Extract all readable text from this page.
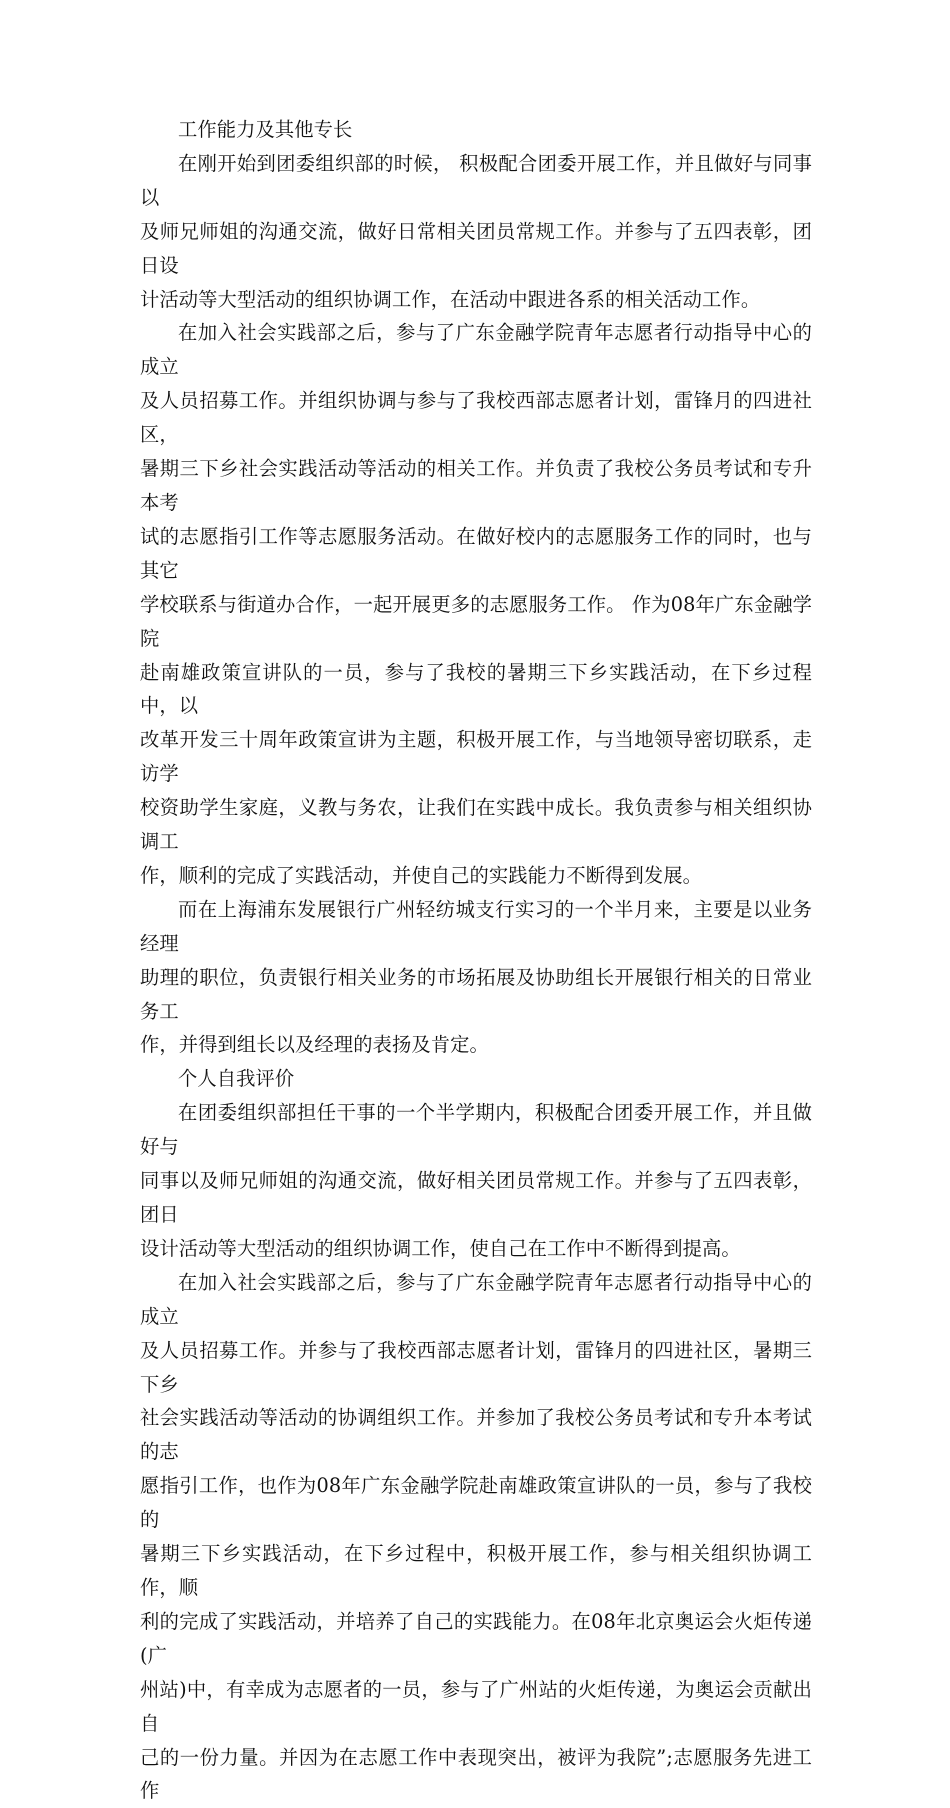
工作能力及其他专长
在刚开始到团委组织部的时候， 积极配合团委开展工作，并且做好与同事以
及师兄师姐的沟通交流，做好日常相关团员常规工作。并参与了五四表彰，团日设
计活动等大型活动的组织协调工作，在活动中跟进各系的相关活动工作。
在加入社会实践部之后，参与了广东金融学院青年志愿者行动指导中心的成立
及人员招募工作。并组织协调与参与了我校西部志愿者计划，雷锋月的四进社区，
暑期三下乡社会实践活动等活动的相关工作。并负责了我校公务员考试和专升本考
试的志愿指引工作等志愿服务活动。在做好校内的志愿服务工作的同时，也与其它
学校联系与街道办合作，一起开展更多的志愿服务工作。 作为08年广东金融学院
赴南雄政策宣讲队的一员，参与了我校的暑期三下乡实践活动，在下乡过程中，以
改革开发三十周年政策宣讲为主题，积极开展工作，与当地领导密切联系，走访学
校资助学生家庭，义教与务农，让我们在实践中成长。我负责参与相关组织协调工
作，顺利的完成了实践活动，并使自己的实践能力不断得到发展。
而在上海浦东发展银行广州轻纺城支行实习的一个半月来，主要是以业务经理
助理的职位，负责银行相关业务的市场拓展及协助组长开展银行相关的日常业务工
作，并得到组长以及经理的表扬及肯定。
个人自我评价
在团委组织部担任干事的一个半学期内，积极配合团委开展工作，并且做好与
同事以及师兄师姐的沟通交流，做好相关团员常规工作。并参与了五四表彰，团日
设计活动等大型活动的组织协调工作，使自己在工作中不断得到提高。
在加入社会实践部之后，参与了广东金融学院青年志愿者行动指导中心的成立
及人员招募工作。并参与了我校西部志愿者计划，雷锋月的四进社区，暑期三下乡
社会实践活动等活动的协调组织工作。并参加了我校公务员考试和专升本考试的志
愿指引工作，也作为08年广东金融学院赴南雄政策宣讲队的一员，参与了我校的
暑期三下乡实践活动，在下乡过程中，积极开展工作，参与相关组织协调工作，顺
利的完成了实践活动，并培养了自己的实践能力。在08年北京奥运会火炬传递(广
州站)中，有幸成为志愿者的一员，参与了广州站的火炬传递，为奥运会贡献出自
己的一份力量。并因为在志愿工作中表现突出，被评为我院”;志愿服务先进工作
